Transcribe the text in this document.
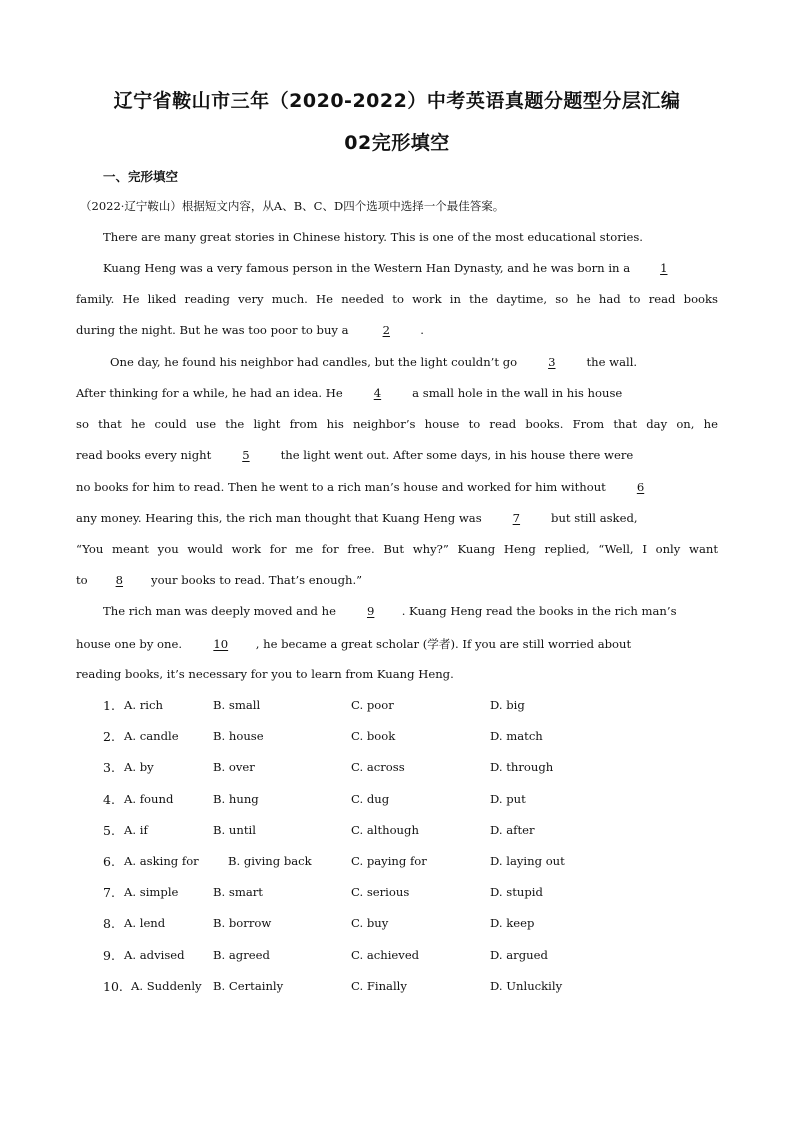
辽宁省鞍山市三年（2020-2022）中考英语真题分题型分层汇编
02完形填空
一、完形填空
（2022·辽宁鞍山）根据短文内容，从A、B、C、D四个选项中选择一个最佳答案。
There are many great stories in Chinese history. This is one of the most educational stories.
Kuang Heng was a very famous person in the Western Han Dynasty, and he was born in a	1
family. He liked reading very much. He needed to work in the daytime, so he had to read books
during the night. But he was too poor to buy a	2	.
One day, he found his neighbor had candles, but the light couldn’t go	3	the wall.
After thinking for a while, he had an idea. He	4	a small hole in the wall in his house
so that he could use the light from his neighbor’s house to read books. From that day on, he
read books every night	5	the light went out. After some days, in his house there were
no books for him to read. Then he went to a rich man’s house and worked for him without	6
any money. Hearing this, the rich man thought that Kuang Heng was	7	but still asked,
“You meant you would work for me for free. But why?” Kuang Heng replied, “Well, I only want
to 8 your books to read. That’s enough.”
The rich man was deeply moved and he	9 . Kuang Heng read the books in the rich man’s
house one by one.	10 , he became a great scholar (学者). If you are still worried about
reading books, it’s necessary for you to learn from Kuang Heng.
1. A. rich	B. small	C. poor	D. big
2. A. candle	B. house	C. book	D. match
3. A. by	B. over	C. across	D. through
4. A. found	B. hung	C. dug	D. put
5. A. if	B. until	C. although	D. after
6. A. asking for	B. giving back	C. paying for	D. laying out
7. A. simple	B. smart	C. serious	D. stupid
8. A. lend	B. borrow	C. buy	D. keep
9. A. advised B. agreed	C. achieved	D. argued
10. A. Suddenly B. Certainly	C. Finally	D. Unluckily
